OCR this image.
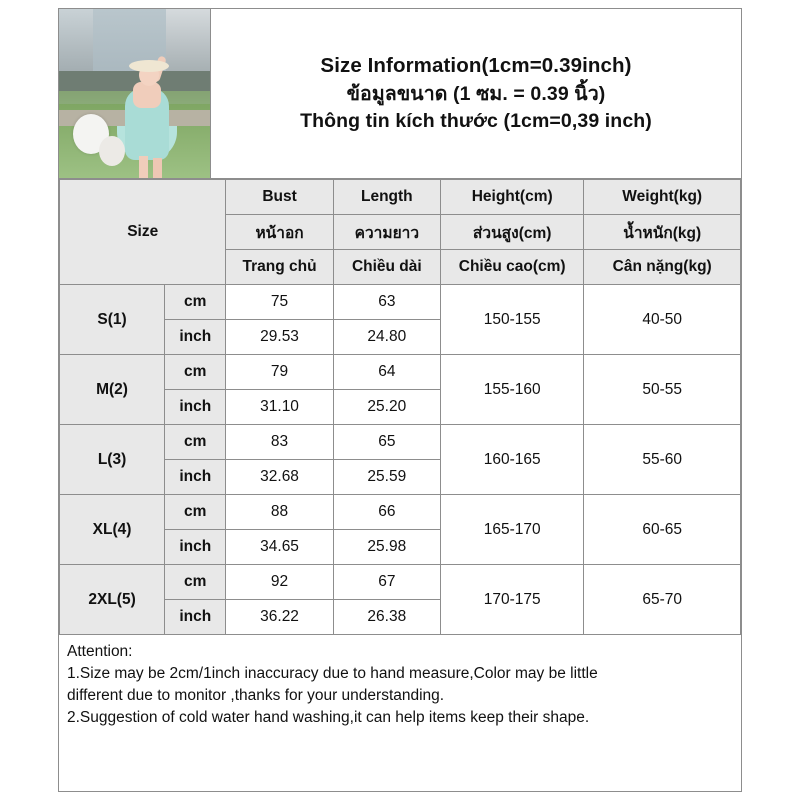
Size Information(1cm=0.39inch)
ข้อมูลขนาด (1 ซม. = 0.39 นิ้ว)
Thông tin kích thước (1cm=0,39 inch)
Size		Bust	Length	Height(cm)	Weight(kg)
		หน้าอก	ความยาว	ส่วนสูง(cm)	น้ำหนัก(kg)
		Trang chủ	Chiều dài	Chiều cao(cm)	Cân nặng(kg)
S(1)	cm	75	63	150-155	40-50
	inch	29.53	24.80		
M(2)	cm	79	64	155-160	50-55
	inch	31.10	25.20		
L(3)	cm	83	65	160-165	55-60
	inch	32.68	25.59		
XL(4)	cm	88	66	165-170	60-65
	inch	34.65	25.98		
2XL(5)	cm	92	67	170-175	65-70
	inch	36.22	26.38		

Attention:

1.Size may be 2cm/1inch inaccuracy due to hand measure,Color may be little

different due to monitor ,thanks for your understanding.

2.Suggestion of cold water hand washing,it can help items keep their shape.
